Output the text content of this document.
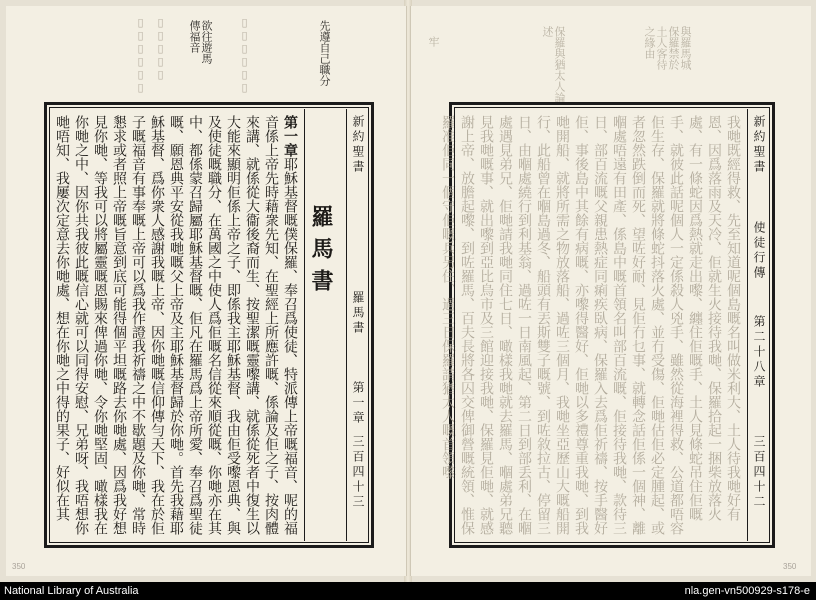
▯▯▯▯▯▯ ▯▯▯▯▯	▯▯▯▯▯▯	先遵自己職分
欲往遊馬
傳福音
新約聖書
羅馬書
第一章
三百四十三
羅馬書
第一章耶穌基督嘅僕保羅、奉召爲使徒、特派傳上帝嘅福音、呢的福音係上帝先時藉衆先知、在聖經上所應許嘅、係論及佢之子、按肉體來講、就係從大衞後裔而生、按聖潔嘅靈嚟講、就係從死者中復生以大能來顯明佢係上帝之子、即係我主耶穌基督、我由佢受嚟恩典、與及使徒嘅職分、在萬國之中使人爲佢嘅名信從來順從嘅、你哋亦在其中、都係蒙召歸屬耶穌基督嘅、佢凡在羅馬爲上帝所愛、奉召爲聖徒嘅、願恩典平安從我哋嘅父上帝及主耶穌基督歸於你哋。首先我藉耶穌基督、爲你衆人感謝我嘅上帝、因你哋嘅信仰傳勻天下、我在於佢子嘅福音有事奉嘅上帝可以爲我作證我祈禱之中不歇題及你哋、常時懇求或者照上帝嘅旨意到底可能得個平坦嘅路去你哋處、因爲我好想見你哋、等我可以將屬靈嘅恩賜來俾過你哋、令你哋堅固、噉樣我在你哋之中、因你共我彼此嘅信心就可以同得安慰、兄弟呀、我唔想你哋唔知、我屢次定意去你哋處、想在你哋之中得的果子、好似在其
350
牢	保羅與猶太人論述	之緣由 土人客待 保羅禁於 與羅馬城
新約聖書
使徒行傳
第二十八章
三百四十二
我哋既經得救、先至知道呢個島嘅名叫做米利大、土人待我哋好有恩、因爲落雨及天冷、佢就生火接待我哋、保羅拾起一捆柴放落火處、有一條蛇因爲熱就走出嚟、纏住佢嘅手、土人見條蛇吊住佢嘅手、就彼此話呢個人一定係殺人兇手、雖然從海裡得救、公道都唔容佢生存、保羅就將條蛇抖落火處、並冇受傷、佢哋估佢必定腫起、或者忽然跌倒而死、望咗好耐、見佢冇乜事、就轉念話佢係一個神、離嗰處唔遠有田產、係島中嘅首領名叫部百流嘅、佢接待我哋、款待三日、部百流嘅父親患熱症同痢疾臥病、保羅入去爲佢祈禱、按手醫好佢、事後島中其餘有病嘅、亦嚟得醫好、佢哋以多禮尊重我哋、到我哋開船、就將所需之物放落船、過咗三個月、我哋坐亞歷山大嘅船開行、此船曾在嗰島過冬、船頭有丟斯雙子嘅號、到咗敘拉古、停留三日、由嗰處繞行到利基翁、過咗一日南風起、第二日到部丢利、在嗰處遇見弟兄、佢哋請我哋同住七日、噉樣我哋就去羅馬、嗰處弟兄聽見我哋嘅事、就出嚟到亞比烏市及三館迎接我哋、保羅見佢哋、就感謝上帝、放膽起嚟、到咗羅馬、百夫長將各囚交俾御營嘅統領、惟保羅准佢同一個守佢嘅兵另住、過三日保羅請猶太人嘅首領嚟
350
National Library of Australia	nla.gen-vn500929-s178-e
